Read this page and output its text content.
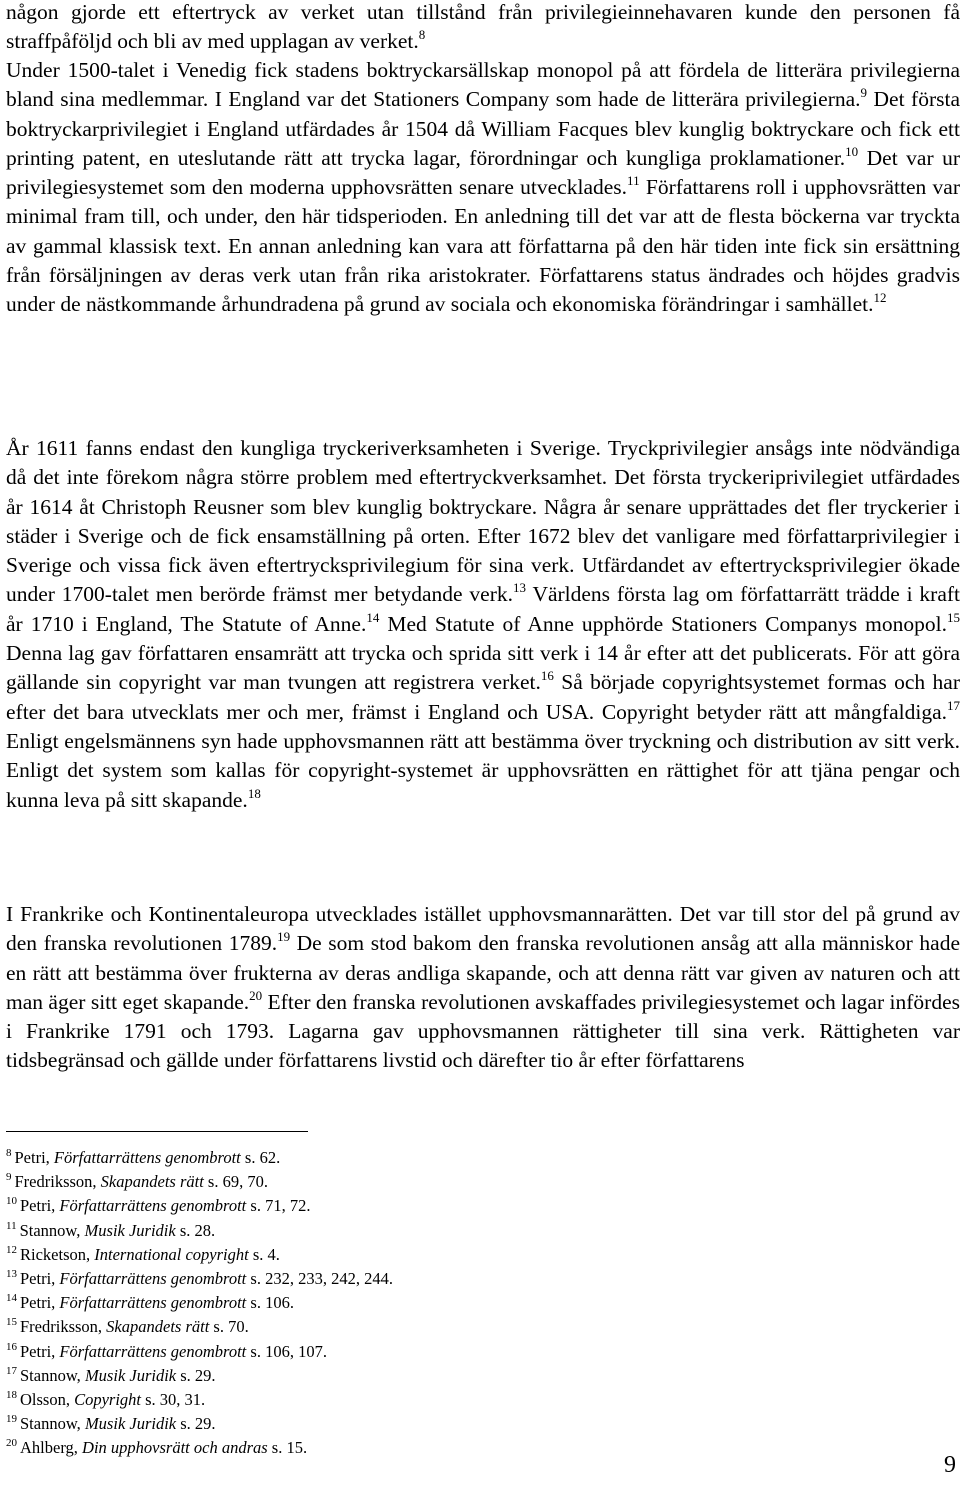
någon gjorde ett eftertryck av verket utan tillstånd från privilegieinnehavaren kunde den personen få straffpåföljd och bli av med upplagan av verket.$^8$

Under 1500-talet i Venedig fick stadens boktryckarsällskap monopol på att fördela de litterära privilegierna bland sina medlemmar. I England var det Stationers Company som hade de litterära privilegierna.$^9$ Det första boktryckarprivilegiet i England utfärdades år 1504 då William Facques blev kunglig boktryckare och fick ett printing patent, en uteslutande rätt att trycka lagar, förordningar och kungliga proklamationer.$^{10}$ Det var ur privilegiesystemet som den moderna upphovsrätten senare utvecklades.$^{11}$ Författarens roll i upphovsrätten var minimal fram till, och under, den här tidsperioden. En anledning till det var att de flesta böckerna var tryckta av gammal klassisk text. En annan anledning kan vara att författarna på den här tiden inte fick sin ersättning från försäljningen av deras verk utan från rika aristokrater. Författarens status ändrades och höjdes gradvis under de nästkommande århundradena på grund av sociala och ekonomiska förändringar i samhället.$^{12}$

År 1611 fanns endast den kungliga tryckeriverksamheten i Sverige. Tryckprivilegier ansågs inte nödvändiga då det inte förekom några större problem med eftertryckverksamhet. Det första tryckeriprivilegiet utfärdades år 1614 åt Christoph Reusner som blev kunglig boktryckare. Några år senare upprättades det fler tryckerier i städer i Sverige och de fick ensamställning på orten. Efter 1672 blev det vanligare med författarprivilegier i Sverige och vissa fick även eftertrycksprivilegium för sina verk. Utfärdandet av eftertrycksprivilegier ökade under 1700-talet men berörde främst mer betydande verk.$^{13}$ Världens första lag om författarrätt trädde i kraft år 1710 i England, The Statute of Anne.$^{14}$ Med Statute of Anne upphörde Stationers Companys monopol.$^{15}$ Denna lag gav författaren ensamrätt att trycka och sprida sitt verk i 14 år efter att det publicerats. För att göra gällande sin copyright var man tvungen att registrera verket.$^{16}$ Så började copyrightsystemet formas och har efter det bara utvecklats mer och mer, främst i England och USA. Copyright betyder rätt att mångfaldiga.$^{17}$ Enligt engelsmännens syn hade upphovsmannen rätt att bestämma över tryckning och distribution av sitt verk. Enligt det system som kallas för copyright-systemet är upphovsrätten en rättighet för att tjäna pengar och kunna leva på sitt skapande.$^{18}$

I Frankrike och Kontinentaleuropa utvecklades istället upphovsmannarätten. Det var till stor del på grund av den franska revolutionen 1789.19 De som stod bakom den franska revolutionen ansåg att alla människor hade en rätt att bestämma över frukterna av deras andliga skapande, och att denna rätt var given av naturen och att man äger sitt eget skapande.$^{20}$ Efter den franska revolutionen avskaffades privilegiesystemet och lagar infördes i Frankrike 1791 och 1793. Lagarna gav upphovsmannen rättigheter till sina verk. Rättigheten var tidsbegränsad och gällde under författarens livstid och därefter tio år efter författarens

$^8$ Petri, Författarrättens genombrott s. 62.

$^9$ Fredriksson, Skapandets rätt s. 69, 70.

$^{10}$ Petri, Författarrättens genombrott s. 71, 72.

$^{11}$ Stannow, Musik Juridik s. 28.

$^{12}$ Ricketson, International copyright s. 4.

$^{13}$ Petri, Författarrättens genombrott s. 232, 233, 242, 244.

$^{14}$ Petri, Författarrättens genombrott s. 106.

$^{15}$ Fredriksson, Skapandets rätt s. 70.

$^{16}$ Petri, Författarrättens genombrott s. 106, 107.

$^{17}$ Stannow, Musik Juridik s. 29.

$^{18}$ Olsson, Copyright s. 30, 31.

$^{19}$ Stannow, Musik Juridik s. 29.

$^{20}$ Ahlberg, Din upphovsrätt och andras s. 15.

9
